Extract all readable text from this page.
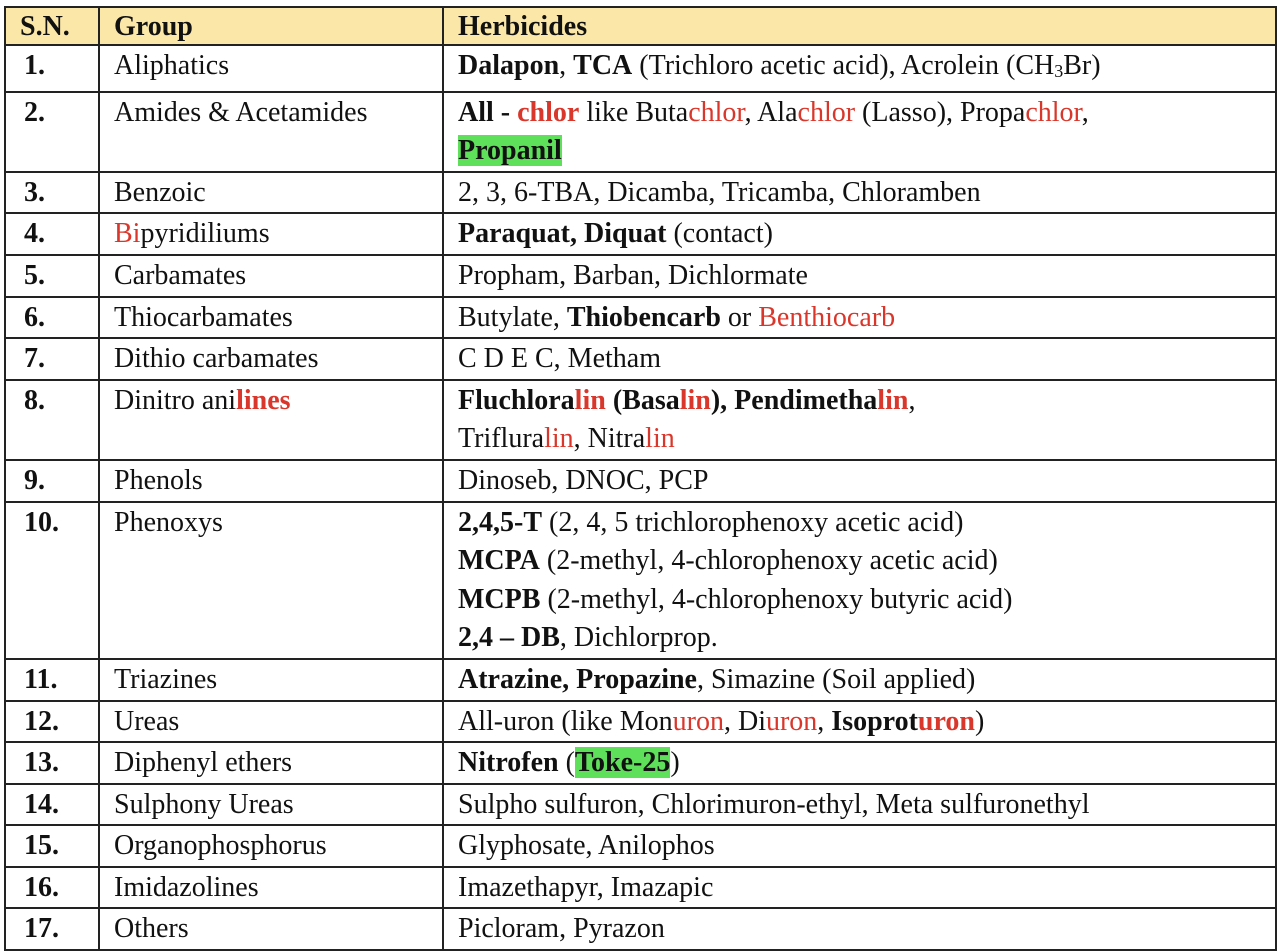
S.N.	Group	Herbicides
1.	Aliphatics	Dalapon, TCA (Trichloro acetic acid), Acrolein $(CH_3Br)$

2.	Amides & Acetamides	All - chlor like Butachlor, Alachlor (Lasso), Propachlor,
Propanil

3.	Benzoic	2, 3, 6-TBA, Dicamba, Tricamba, Chloramben

4.	Bipyridiliums	Paraquat, Diquat (contact)

5.	Carbamates	Propham, Barban, Dichlormate

6.	Thiocarbamates	Butylate, Thiobencarb or Benthiocarb

7.	Dithio carbamates	C D E C, Metham

8.	Dinitro anilines	Fluchloralin (Basalin), Pendimethalin,
Trifluralin, Nitralin

9.	Phenols	Dinoseb, DNOC, PCP

10.	Phenoxys	2,4,5-T (2, 4, 5 trichlorophenoxy acetic acid)
MCPA (2-methyl, 4-chlorophenoxy acetic acid)
MCPB (2-methyl, 4-chlorophenoxy butyric acid)
2,4 – DB, Dichlorprop.

11.	Triazines	Atrazine, Propazine, Simazine (Soil applied)

12.	Ureas	All-uron (like Monuron, Diuron, Isoproturon)

13.	Diphenyl ethers	Nitrofen (Toke-25)

14.	Sulphony Ureas	Sulpho sulfuron, Chlorimuron-ethyl, Meta sulfuronethyl

15.	Organophosphorus	Glyphosate, Anilophos

16.	Imidazolines	Imazethapyr, Imazapic

17.	Others	Picloram, Pyrazon
